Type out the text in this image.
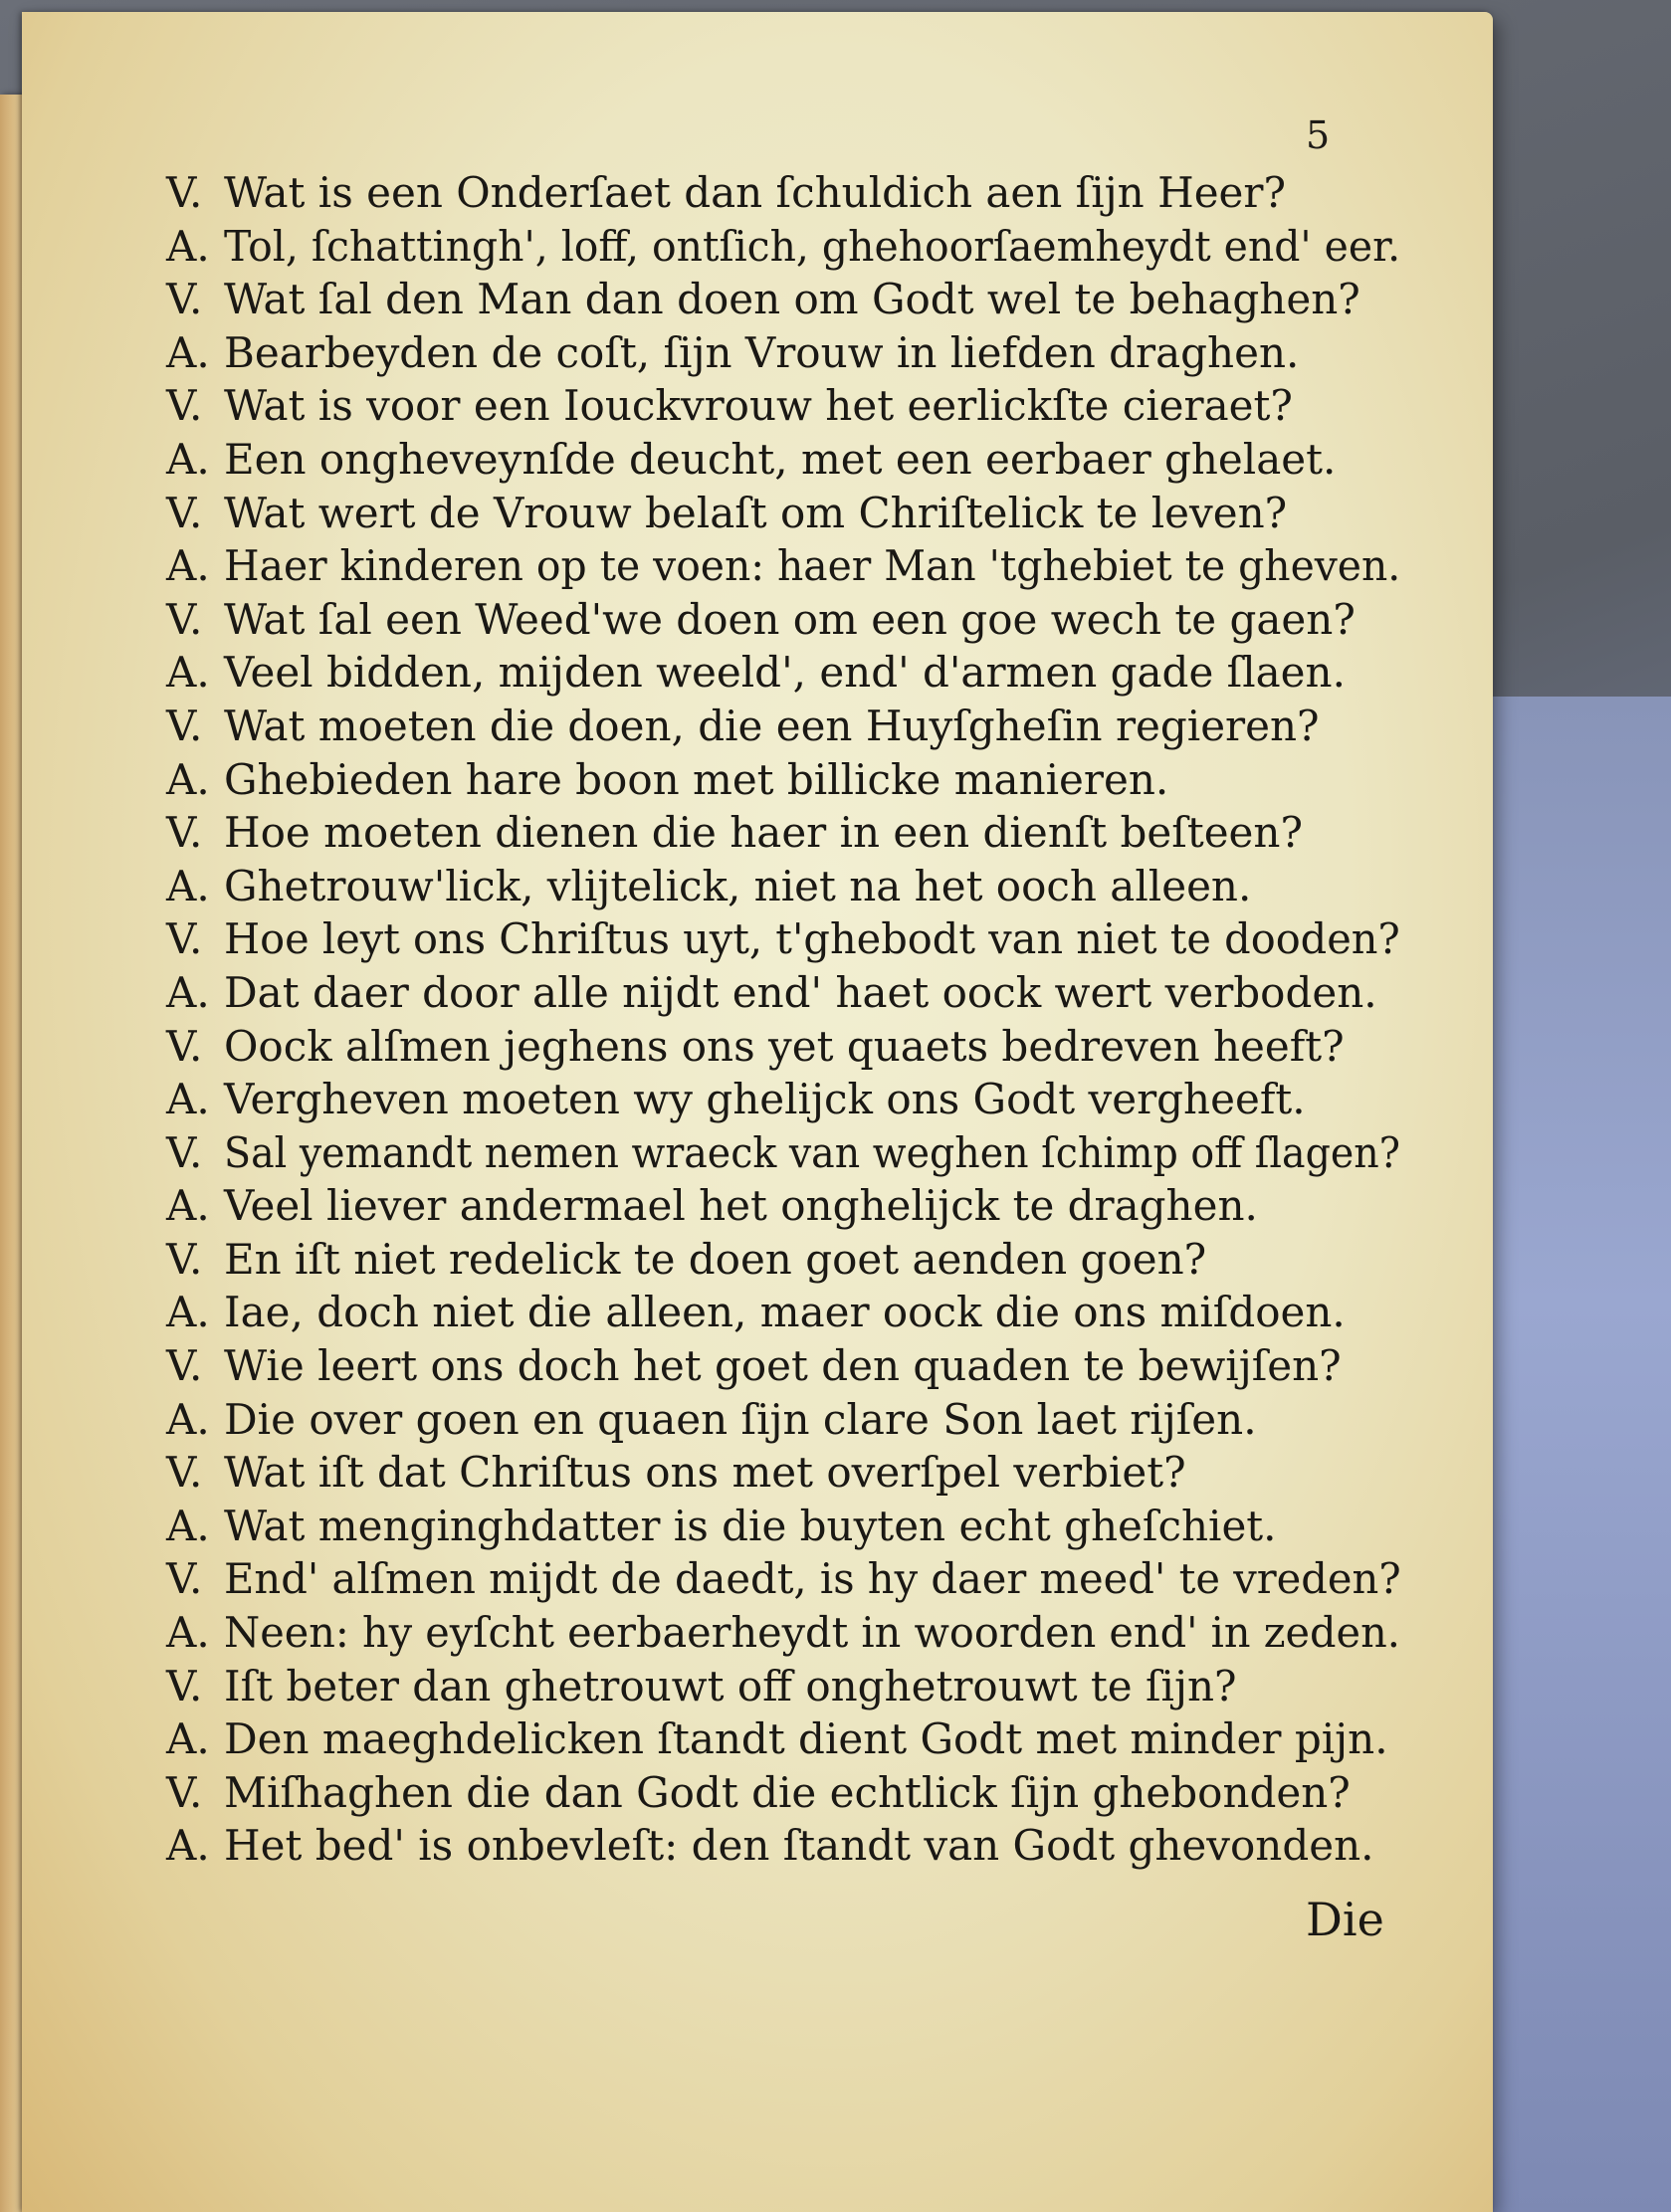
5
V. Wat is een Onderſaet dan ſchuldich aen ſijn Heer?
A. Tol, ſchattingh', loff, ontſich, ghehoorſaemheydt end' eer.
V. Wat ſal den Man dan doen om Godt wel te behaghen?
A. Bearbeyden de coſt, ſijn Vrouw in liefden draghen.
V. Wat is voor een Iouckvrouw het eerlickſte cieraet?
A. Een ongheveynſde deucht, met een eerbaer ghelaet.
V. Wat wert de Vrouw belaſt om Chriſtelick te leven?
A. Haer kinderen op te voen: haer Man 'tghebiet te gheven.
V. Wat ſal een Weed'we doen om een goe wech te gaen?
A. Veel bidden, mijden weeld', end' d'armen gade ſlaen.
V. Wat moeten die doen, die een Huyſgheſin regieren?
A. Ghebieden hare boon met billicke manieren.
V. Hoe moeten dienen die haer in een dienſt beſteen?
A. Ghetrouw'lick, vlijtelick, niet na het ooch alleen.
V. Hoe leyt ons Chriſtus uyt, t'ghebodt van niet te dooden?
A. Dat daer door alle nijdt end' haet oock wert verboden.
V. Oock alſmen jeghens ons yet quaets bedreven heeft?
A. Vergheven moeten wy ghelijck ons Godt vergheeft.
V. Sal yemandt nemen wraeck van weghen ſchimp off ſlagen?
A. Veel liever andermael het onghelijck te draghen.
V. En iſt niet redelick te doen goet aenden goen?
A. Iae, doch niet die alleen, maer oock die ons miſdoen.
V. Wie leert ons doch het goet den quaden te bewijſen?
A. Die over goen en quaen ſijn clare Son laet rijſen.
V. Wat iſt dat Chriſtus ons met overſpel verbiet?
A. Wat menginghdatter is die buyten echt gheſchiet.
V. End' alſmen mijdt de daedt, is hy daer meed' te vreden?
A. Neen: hy eyſcht eerbaerheydt in woorden end' in zeden.
V. Iſt beter dan ghetrouwt off onghetrouwt te ſijn?
A. Den maeghdelicken ſtandt dient Godt met minder pijn.
V. Miſhaghen die dan Godt die echtlick ſijn ghebonden?
A. Het bed' is onbevleſt: den ſtandt van Godt ghevonden.
Die
